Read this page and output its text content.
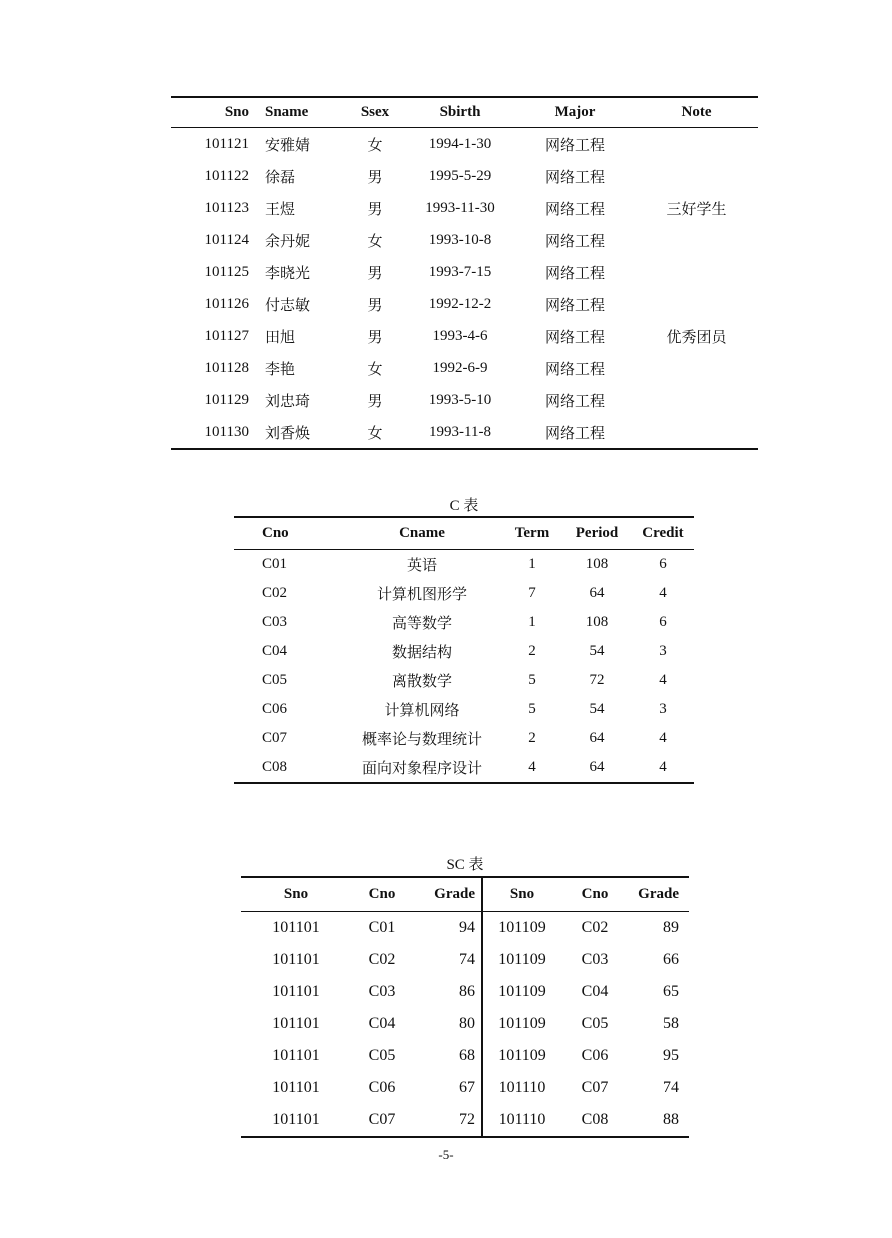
Sno	Sname	Ssex	Sbirth	Major	Note
101121	安雅婧	女	1994-1-30	网络工程	
101122	徐磊	男	1995-5-29	网络工程	
101123	王煜	男	1993-11-30	网络工程	三好学生
101124	余丹妮	女	1993-10-8	网络工程	
101125	李晓光	男	1993-7-15	网络工程	
101126	付志敏	男	1992-12-2	网络工程	
101127	田旭	男	1993-4-6	网络工程	优秀团员
101128	李艳	女	1992-6-9	网络工程	
101129	刘忠琦	男	1993-5-10	网络工程	
101130	刘香焕	女	1993-11-8	网络工程	
C 表
Cno	Cname	Term	Period	Credit
C01	英语	1	108	6
C02	计算机图形学	7	64	4
C03	高等数学	1	108	6
C04	数据结构	2	54	3
C05	离散数学	5	72	4
C06	计算机网络	5	54	3
C07	概率论与数理统计	2	64	4
C08	面向对象程序设计	4	64	4
SC 表
Sno	Cno	Grade	Sno	Cno	Grade
101101	C01	94	101109	C02	89
101101	C02	74	101109	C03	66
101101	C03	86	101109	C04	65
101101	C04	80	101109	C05	58
101101	C05	68	101109	C06	95
101101	C06	67	101110	C07	74
101101	C07	72	101110	C08	88
-5-
